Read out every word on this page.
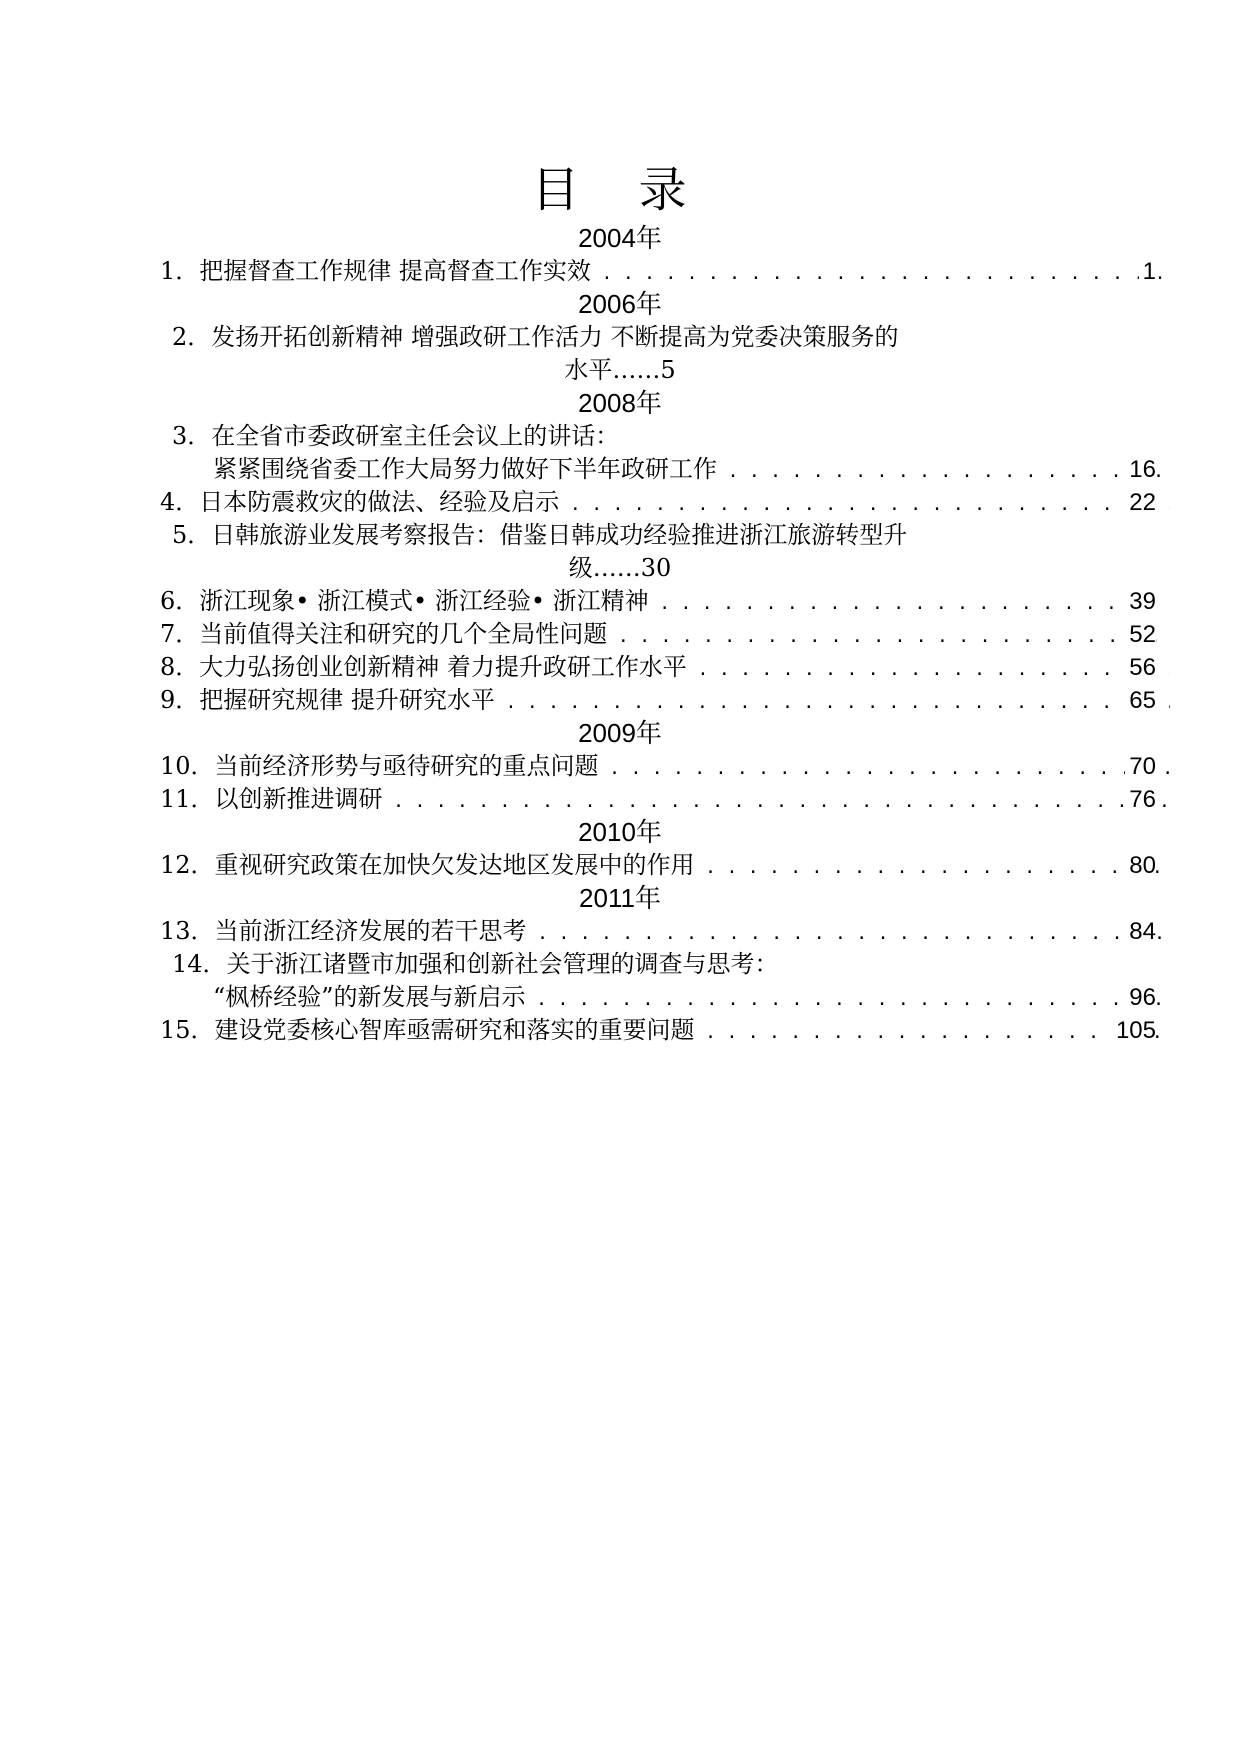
目 录
2004年
1．把握督查工作规律 提高督查工作实效 . . .	1
2006年
2．发扬开拓创新精神 增强政研工作活力 不断提高为党委决策服务的
水平……5
2008年
3．在全省市委政研室主任会议上的讲话：
紧紧围绕省委工作大局努力做好下半年政研工作 . . .	16
4．日本防震救灾的做法、经验及启示 . . .	22
5．日韩旅游业发展考察报告：借鉴日韩成功经验推进浙江旅游转型升
级……30
6．浙江现象• 浙江模式• 浙江经验• 浙江精神 . . .	39
7．当前值得关注和研究的几个全局性问题 . . .	52
8．大力弘扬创业创新精神 着力提升政研工作水平 . . .	56
9．把握研究规律 提升研究水平 . . .	65
2009年
10．当前经济形势与亟待研究的重点问题 . . .	70
11．以创新推进调研 . . .	76
2010年
12．重视研究政策在加快欠发达地区发展中的作用 . . .	80
2011年
13．当前浙江经济发展的若干思考 . . .	84
14．关于浙江诸暨市加强和创新社会管理的调查与思考：
“枫桥经验”的新发展与新启示 . . .	96
15．建设党委核心智库亟需研究和落实的重要问题 . . .	105
